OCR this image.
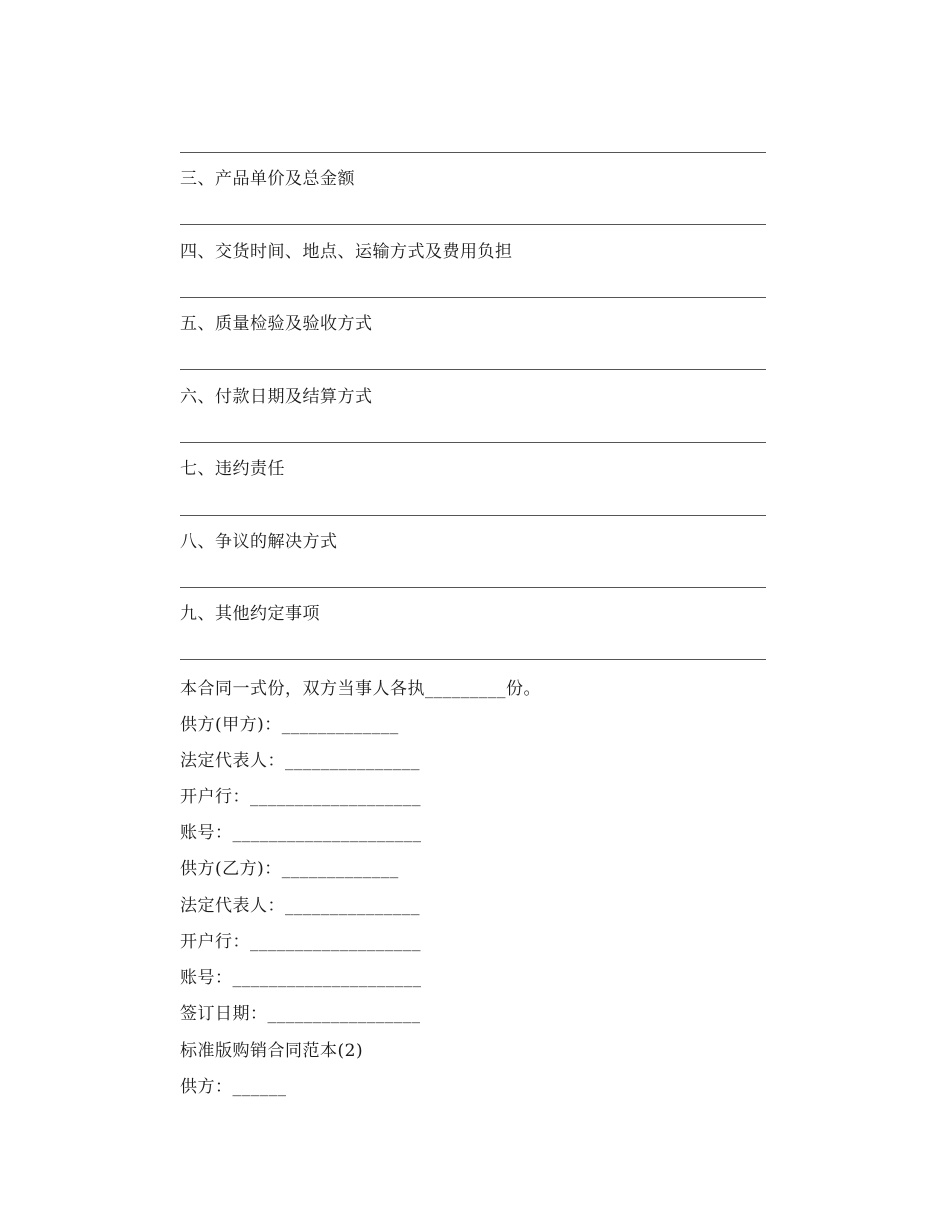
三、产品单价及总金额
四、交货时间、地点、运输方式及费用负担
五、质量检验及验收方式
六、付款日期及结算方式
七、违约责任
八、争议的解决方式
九、其他约定事项
本合同一式份，双方当事人各执_________份。
供方(甲方)：_____________
法定代表人：_______________
开户行：___________________
账号：_____________________
供方(乙方)：_____________
法定代表人：_______________
开户行：___________________
账号：_____________________
签订日期：_________________
标准版购销合同范本(2)
供方：______
